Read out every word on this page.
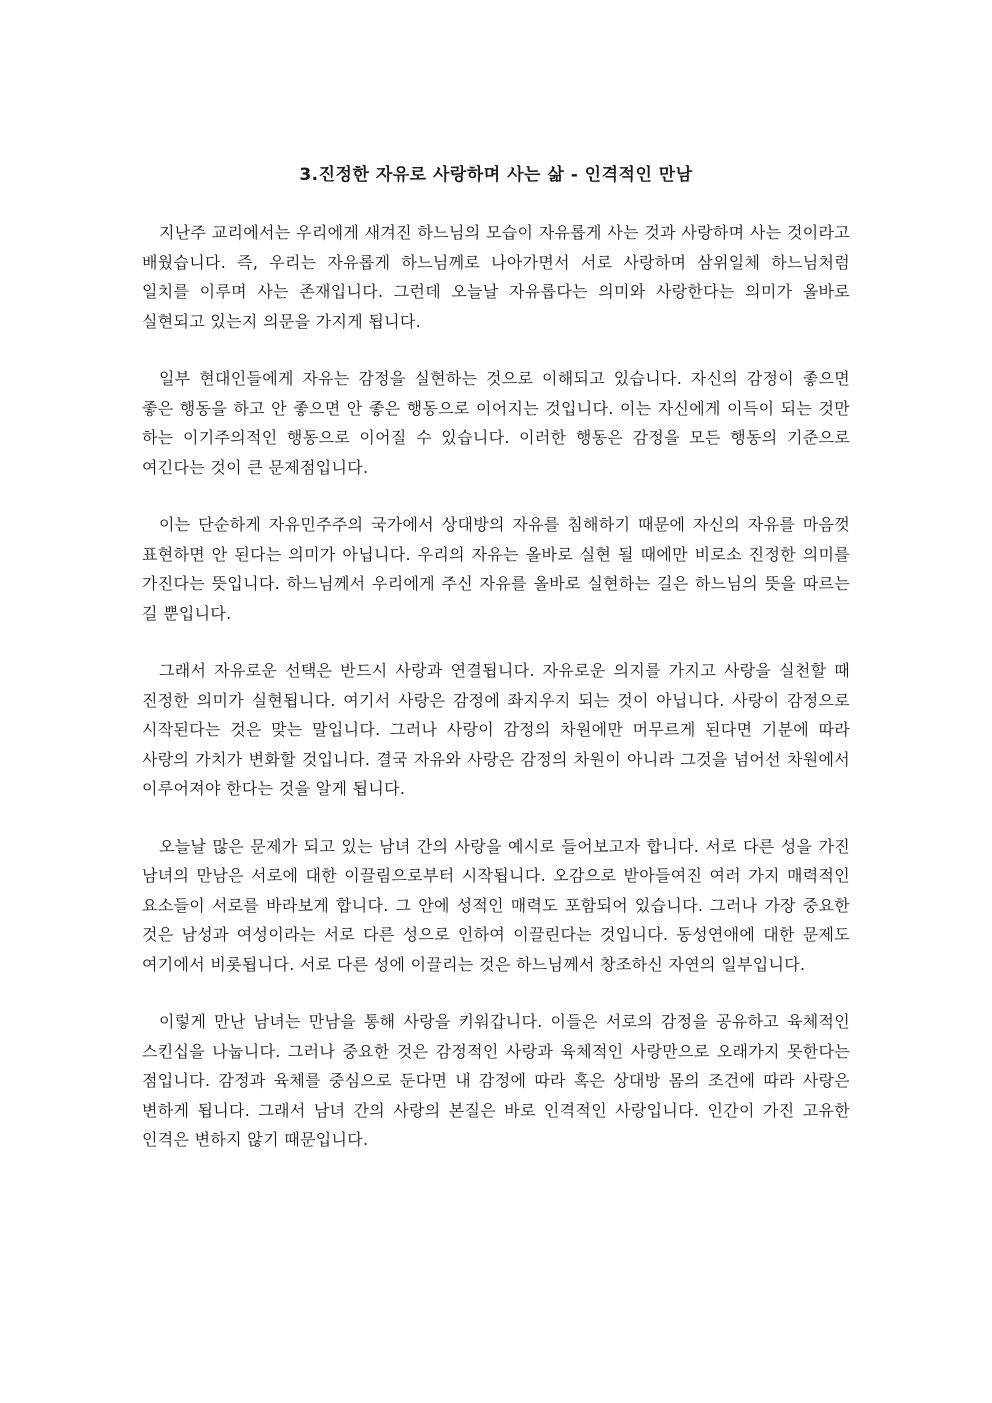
3.진정한 자유로 사랑하며 사는 삶 - 인격적인 만남

지난주 교리에서는 우리에게 새겨진 하느님의 모습이 자유롭게 사는 것과 사랑하며 사는 것이라고 배웠습니다. 즉, 우리는 자유롭게 하느님께로 나아가면서 서로 사랑하며 삼위일체 하느님처럼 일치를 이루며 사는 존재입니다. 그런데 오늘날 자유롭다는 의미와 사랑한다는 의미가 올바로 실현되고 있는지 의문을 가지게 됩니다.

일부 현대인들에게 자유는 감정을 실현하는 것으로 이해되고 있습니다. 자신의 감정이 좋으면 좋은 행동을 하고 안 좋으면 안 좋은 행동으로 이어지는 것입니다. 이는 자신에게 이득이 되는 것만 하는 이기주의적인 행동으로 이어질 수 있습니다. 이러한 행동은 감정을 모든 행동의 기준으로 여긴다는 것이 큰 문제점입니다.

이는 단순하게 자유민주주의 국가에서 상대방의 자유를 침해하기 때문에 자신의 자유를 마음껏 표현하면 안 된다는 의미가 아닙니다. 우리의 자유는 올바로 실현 될 때에만 비로소 진정한 의미를 가진다는 뜻입니다. 하느님께서 우리에게 주신 자유를 올바로 실현하는 길은 하느님의 뜻을 따르는 길 뿐입니다.

그래서 자유로운 선택은 반드시 사랑과 연결됩니다. 자유로운 의지를 가지고 사랑을 실천할 때 진정한 의미가 실현됩니다. 여기서 사랑은 감정에 좌지우지 되는 것이 아닙니다. 사랑이 감정으로 시작된다는 것은 맞는 말입니다. 그러나 사랑이 감정의 차원에만 머무르게 된다면 기분에 따라 사랑의 가치가 변화할 것입니다. 결국 자유와 사랑은 감정의 차원이 아니라 그것을 넘어선 차원에서 이루어져야 한다는 것을 알게 됩니다.

오늘날 많은 문제가 되고 있는 남녀 간의 사랑을 예시로 들어보고자 합니다. 서로 다른 성을 가진 남녀의 만남은 서로에 대한 이끌림으로부터 시작됩니다. 오감으로 받아들여진 여러 가지 매력적인 요소들이 서로를 바라보게 합니다. 그 안에 성적인 매력도 포함되어 있습니다. 그러나 가장 중요한 것은 남성과 여성이라는 서로 다른 성으로 인하여 이끌린다는 것입니다. 동성연애에 대한 문제도 여기에서 비롯됩니다. 서로 다른 성에 이끌리는 것은 하느님께서 창조하신 자연의 일부입니다.

이렇게 만난 남녀는 만남을 통해 사랑을 키워갑니다. 이들은 서로의 감정을 공유하고 육체적인 스킨십을 나눕니다. 그러나 중요한 것은 감정적인 사랑과 육체적인 사랑만으로 오래가지 못한다는 점입니다. 감정과 육체를 중심으로 둔다면 내 감정에 따라 혹은 상대방 몸의 조건에 따라 사랑은 변하게 됩니다. 그래서 남녀 간의 사랑의 본질은 바로 인격적인 사랑입니다. 인간이 가진 고유한 인격은 변하지 않기 때문입니다.
